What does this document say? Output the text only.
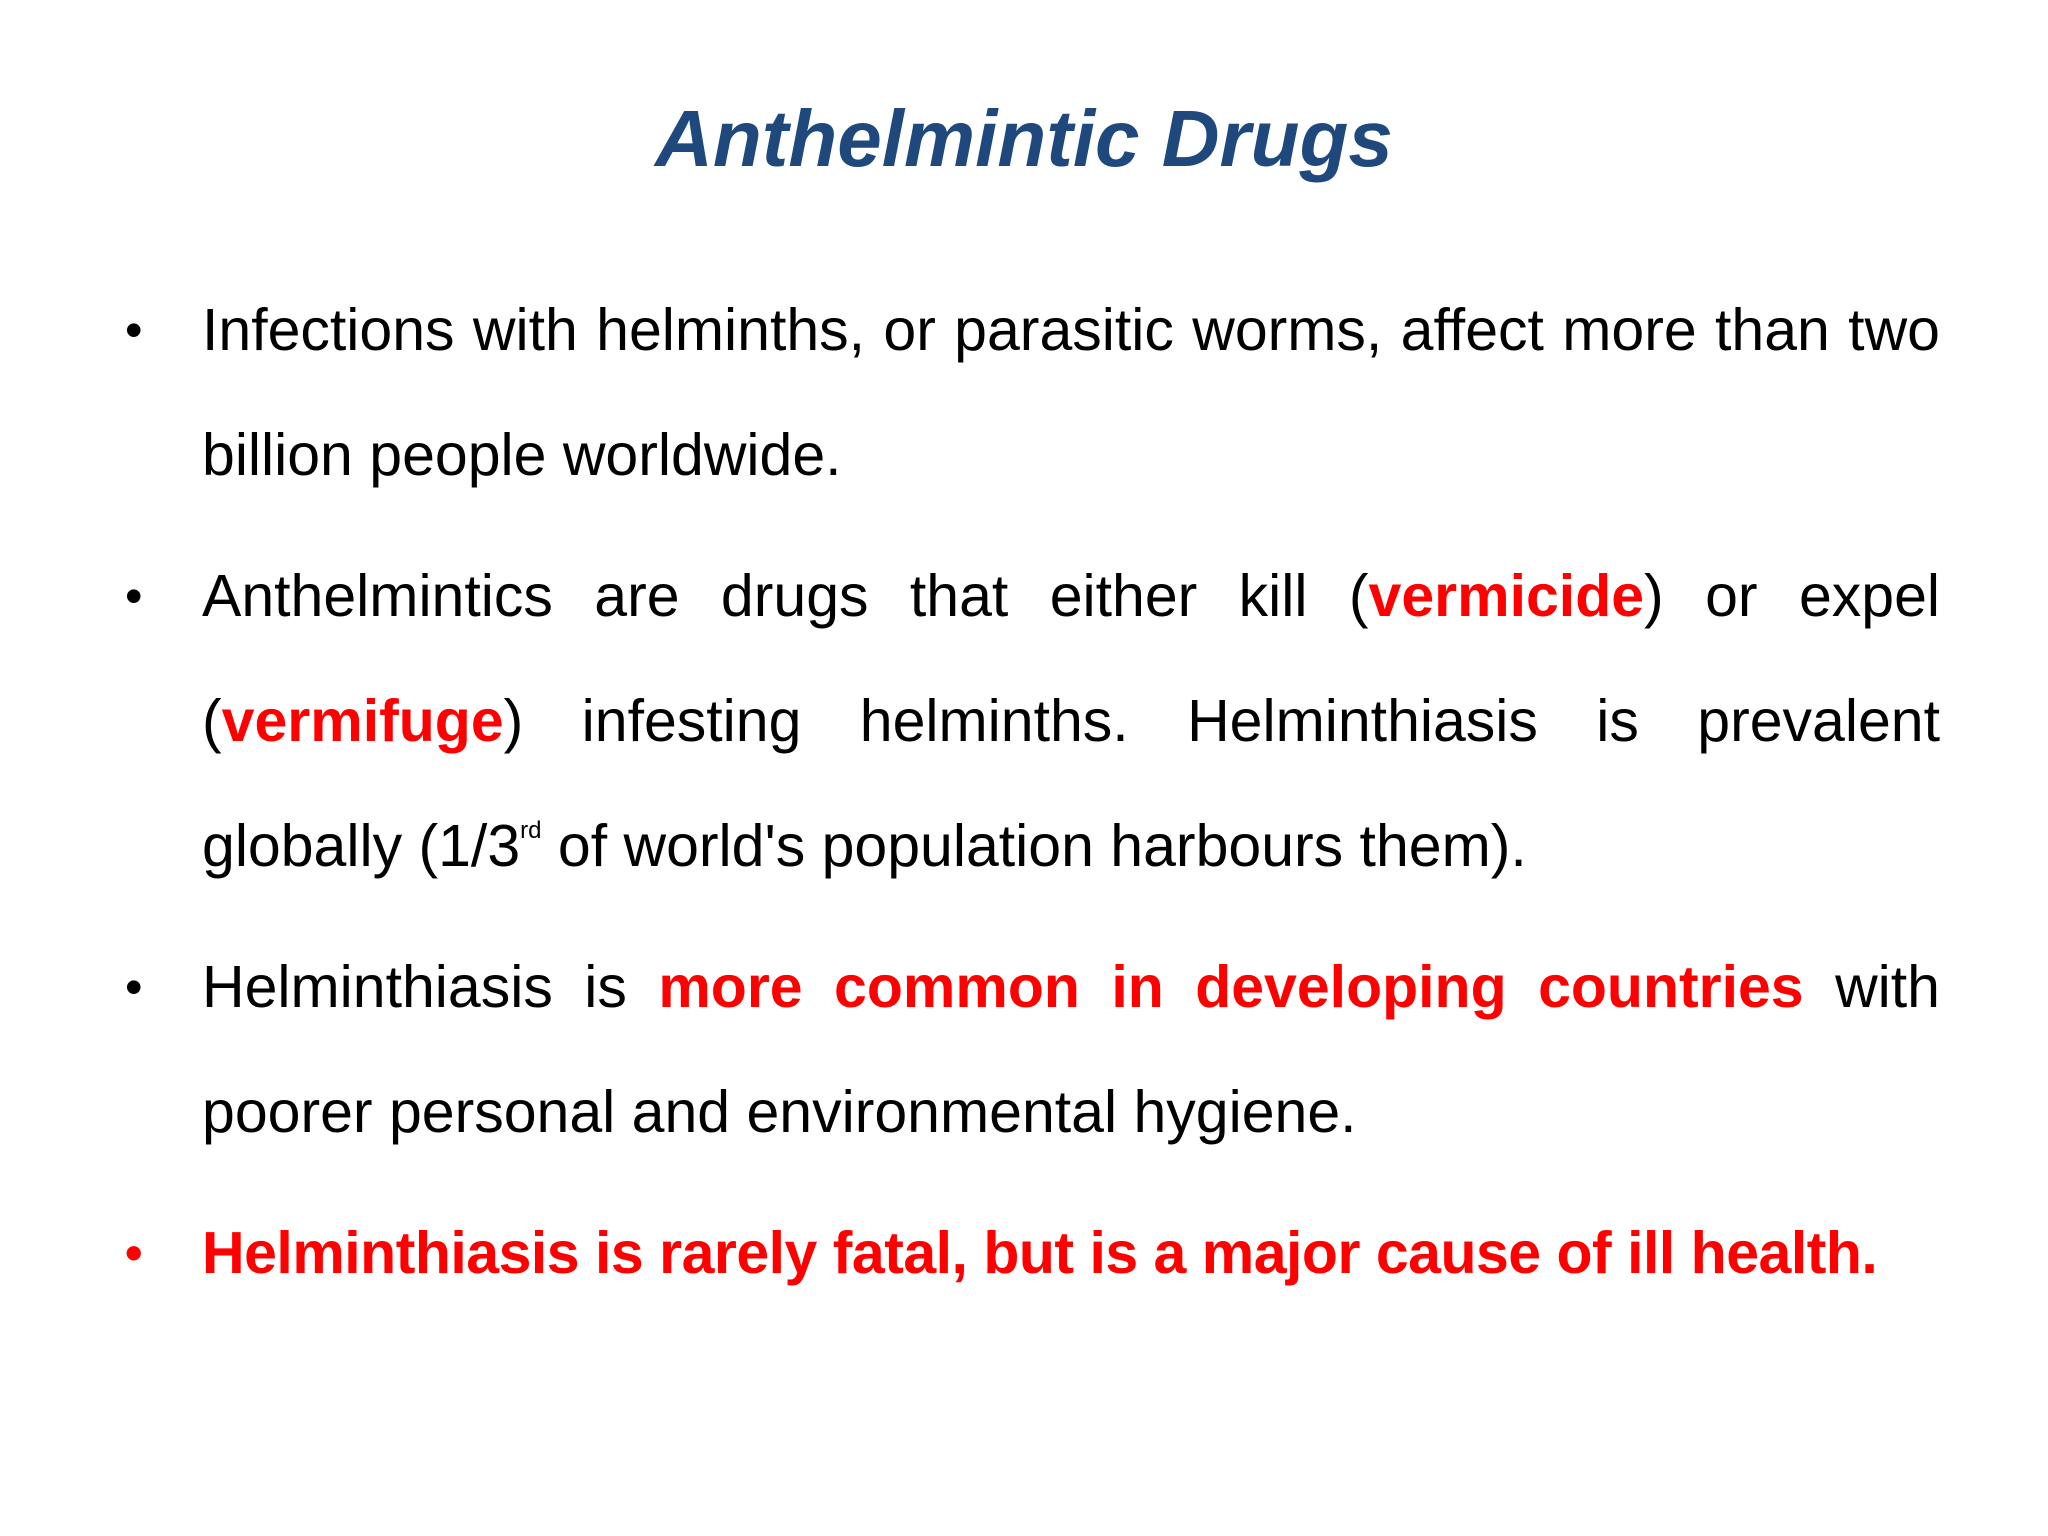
Anthelmintic Drugs
• Infections with helminths, or parasitic worms, affect more than two billion people worldwide.
• Anthelmintics are drugs that either kill (vermicide) or expel (vermifuge) infesting helminths. Helminthiasis is prevalent globally (1/3rd of world's population harbours them).
• Helminthiasis is more common in developing countries with poorer personal and environmental hygiene.
• Helminthiasis is rarely fatal, but is a major cause of ill health.
